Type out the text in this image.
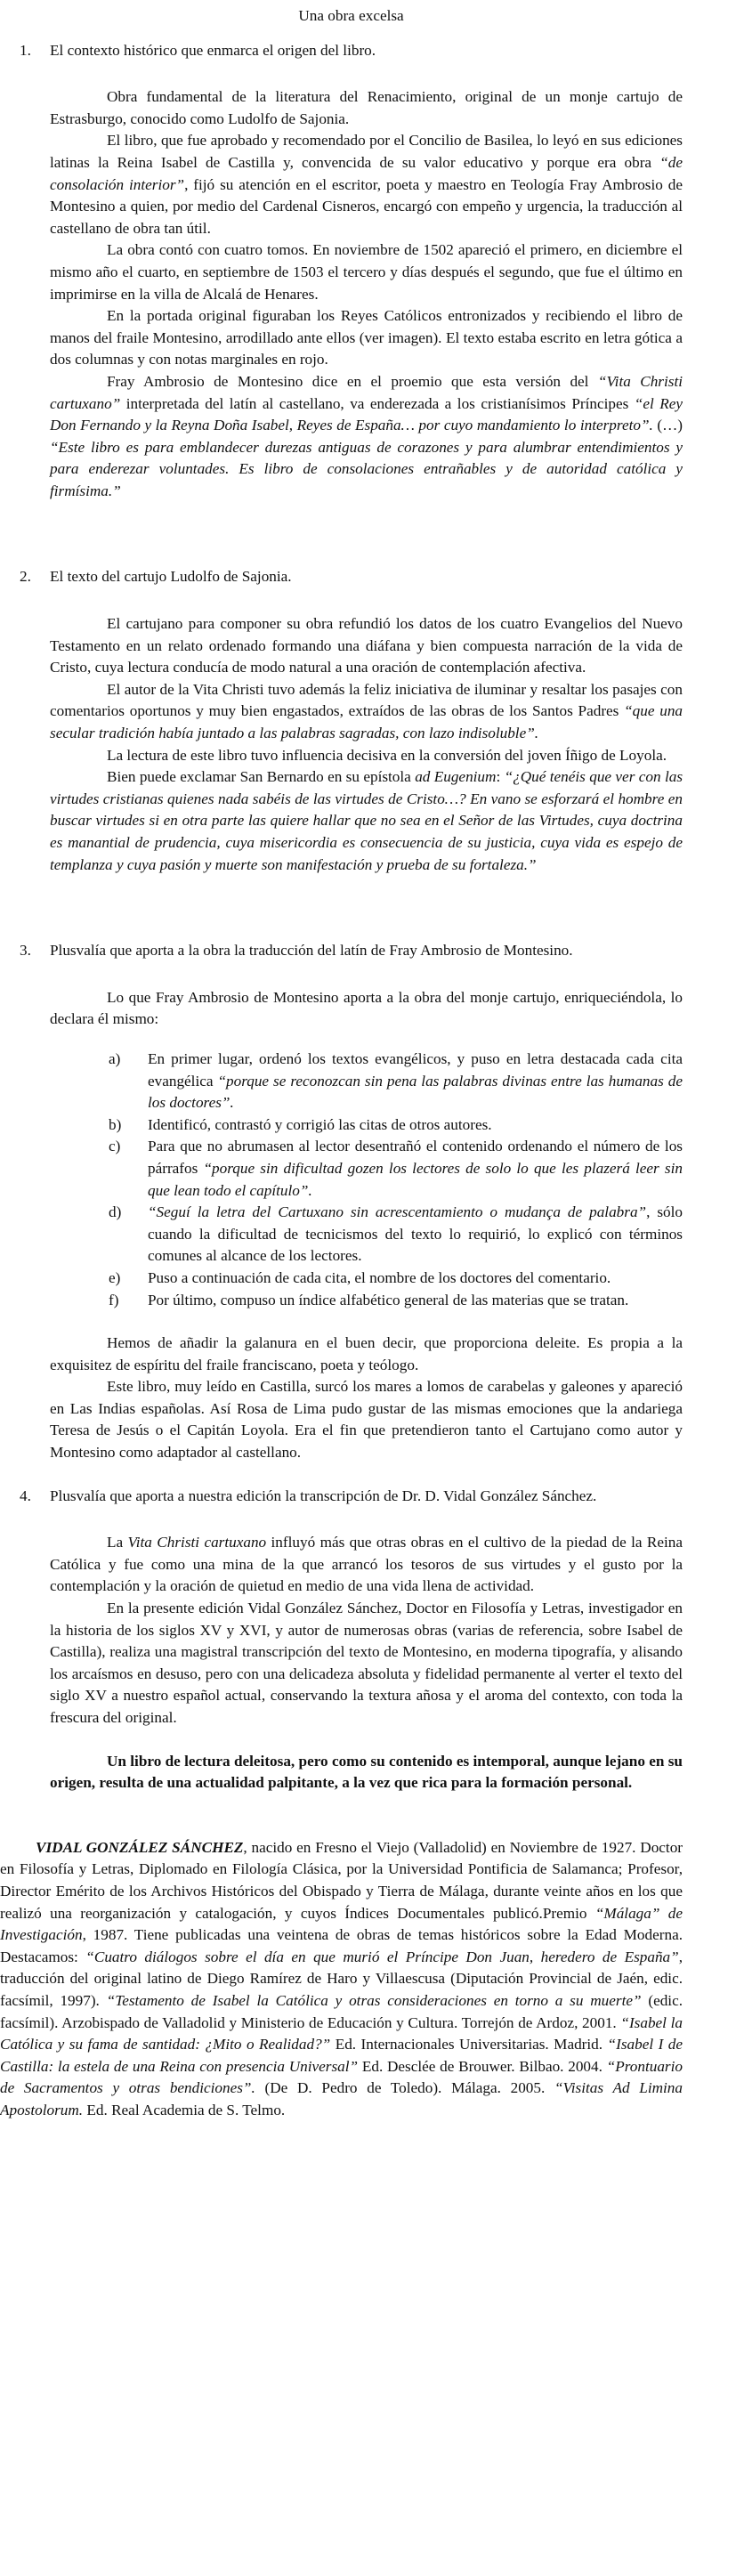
Una obra excelsa
1.	El contexto histórico que enmarca el origen del libro.

Obra fundamental de la literatura del Renacimiento, original de un monje cartujo de Estrasburgo, conocido como Ludolfo de Sajonia.

El libro, que fue aprobado y recomendado por el Concilio de Basilea, lo leyó en sus ediciones latinas la Reina Isabel de Castilla y, convencida de su valor educativo y porque era obra “de consolación interior”, fijó su atención en el escritor, poeta y maestro en Teología Fray Ambrosio de Montesino a quien, por medio del Cardenal Cisneros, encargó con empeño y urgencia, la traducción al castellano de obra tan útil.

La obra contó con cuatro tomos. En noviembre de 1502 apareció el primero, en diciembre el mismo año el cuarto, en septiembre de 1503 el tercero y días después el segundo, que fue el último en imprimirse en la villa de Alcalá de Henares.

En la portada original figuraban los Reyes Católicos entronizados y recibiendo el libro de manos del fraile Montesino, arrodillado ante ellos (ver imagen). El texto estaba escrito en letra gótica a dos columnas y con notas marginales en rojo.

Fray Ambrosio de Montesino dice en el proemio que esta versión del “Vita Christi cartuxano” interpretada del latín al castellano, va enderezada a los cristianísimos Príncipes “el Rey Don Fernando y la Reyna Doña Isabel, Reyes de España… por cuyo mandamiento lo interpreto”. (…) “Este libro es para emblandecer durezas antiguas de corazones y para alumbrar entendimientos y para enderezar voluntades. Es libro de consolaciones entrañables y de autoridad católica y firmísima.”

2.	El texto del cartujo Ludolfo de Sajonia.

El cartujano para componer su obra refundió los datos de los cuatro Evangelios del Nuevo Testamento en un relato ordenado formando una diáfana y bien compuesta narración de la vida de Cristo, cuya lectura conducía de modo natural a una oración de contemplación afectiva.

El autor de la Vita Christi tuvo además la feliz iniciativa de iluminar y resaltar los pasajes con comentarios oportunos y muy bien engastados, extraídos de las obras de los Santos Padres “que una secular tradición había juntado a las palabras sagradas, con lazo indisoluble”.

La lectura de este libro tuvo influencia decisiva en la conversión del joven Íñigo de Loyola.

Bien puede exclamar San Bernardo en su epístola ad Eugenium: “¿Qué tenéis que ver con las virtudes cristianas quienes nada sabéis de las virtudes de Cristo…? En vano se esforzará el hombre en buscar virtudes si en otra parte las quiere hallar que no sea en el Señor de las Virtudes, cuya doctrina es manantial de prudencia, cuya misericordia es consecuencia de su justicia, cuya vida es espejo de templanza y cuya pasión y muerte son manifestación y prueba de su fortaleza.”

3.	Plusvalía que aporta a la obra la traducción del latín de Fray Ambrosio de Montesino.

Lo que Fray Ambrosio de Montesino aporta a la obra del monje cartujo, enriqueciéndola, lo declara él mismo:

a)	En primer lugar, ordenó los textos evangélicos, y puso en letra destacada cada cita evangélica “porque se reconozcan sin pena las palabras divinas entre las humanas de los doctores”.
b)	Identificó, contrastó y corrigió las citas de otros autores.
c)	Para que no abrumasen al lector desentrañó el contenido ordenando el número de los párrafos “porque sin dificultad gozen los lectores de solo lo que les plazerá leer sin que lean todo el capítulo”.
d)	“Seguí la letra del Cartuxano sin acrescentamiento o mudança de palabra”, sólo cuando la dificultad de tecnicismos del texto lo requirió, lo explicó con términos comunes al alcance de los lectores.
e)	Puso a continuación de cada cita, el nombre de los doctores del comentario.
f)	Por último, compuso un índice alfabético general de las materias que se tratan.

Hemos de añadir la galanura en el buen decir, que proporciona deleite. Es propia a la exquisitez de espíritu del fraile franciscano, poeta y teólogo.

Este libro, muy leído en Castilla, surcó los mares a lomos de carabelas y galeones y apareció en Las Indias españolas. Así Rosa de Lima pudo gustar de las mismas emociones que la andariega Teresa de Jesús o el Capitán Loyola. Era el fin que pretendieron tanto el Cartujano como autor y Montesino como adaptador al castellano.

4.	Plusvalía que aporta a nuestra edición la transcripción de Dr. D. Vidal González Sánchez.

La Vita Christi cartuxano influyó más que otras obras en el cultivo de la piedad de la Reina Católica y fue como una mina de la que arrancó los tesoros de sus virtudes y el gusto por la contemplación y la oración de quietud en medio de una vida llena de actividad.

En la presente edición Vidal González Sánchez, Doctor en Filosofía y Letras, investigador en la historia de los siglos XV y XVI, y autor de numerosas obras (varias de referencia, sobre Isabel de Castilla), realiza una magistral transcripción del texto de Montesino, en moderna tipografía, y alisando los arcaísmos en desuso, pero con una delicadeza absoluta y fidelidad permanente al verter el texto del siglo XV a nuestro español actual, conservando la textura añosa y el aroma del contexto, con toda la frescura del original.

Un libro de lectura deleitosa, pero como su contenido es intemporal, aunque lejano en su origen, resulta de una actualidad palpitante, a la vez que rica para la formación personal.

VIDAL GONZÁLEZ SÁNCHEZ, nacido en Fresno el Viejo (Valladolid) en Noviembre de 1927. Doctor en Filosofía y Letras, Diplomado en Filología Clásica, por la Universidad Pontificia de Salamanca; Profesor, Director Emérito de los Archivos Históricos del Obispado y Tierra de Málaga, durante veinte años en los que realizó una reorganización y catalogación, y cuyos Índices Documentales publicó.Premio “Málaga” de Investigación, 1987. Tiene publicadas una veintena de obras de temas históricos sobre la Edad Moderna. Destacamos: “Cuatro diálogos sobre el día en que murió el Príncipe Don Juan, heredero de España”, traducción del original latino de Diego Ramírez de Haro y Villaescusa (Diputación Provincial de Jaén, edic. facsímil, 1997). “Testamento de Isabel la Católica y otras consideraciones en torno a su muerte” (edic. facsímil). Arzobispado de Valladolid y Ministerio de Educación y Cultura. Torrejón de Ardoz, 2001. “Isabel la Católica y su fama de santidad: ¿Mito o Realidad?” Ed. Internacionales Universitarias. Madrid. “Isabel I de Castilla: la estela de una Reina con presencia Universal” Ed. Desclée de Brouwer. Bilbao. 2004. “Prontuario de Sacramentos y otras bendiciones”. (De D. Pedro de Toledo). Málaga. 2005. “Visitas Ad Limina Apostolorum. Ed. Real Academia de S. Telmo.
